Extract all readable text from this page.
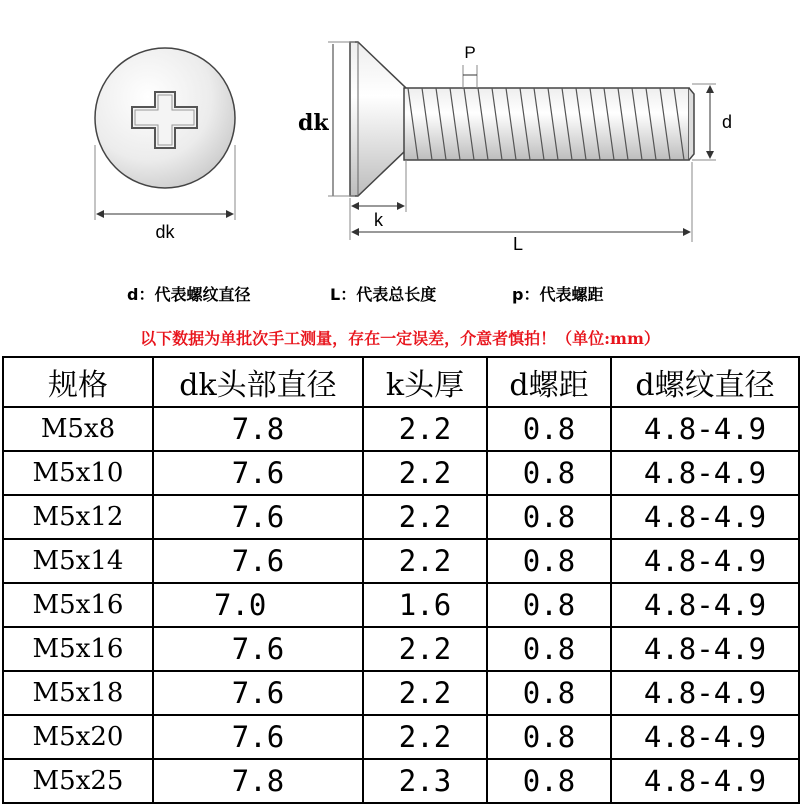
dk
dk
P
d
k
L
d：代表螺纹直径	L：代表总长度	p：代表螺距
以下数据为单批次手工测量，存在一定误差，介意者慎拍！（单位:mm）
规格	dk头部直径	k头厚	d螺距	d螺纹直径
M5x8	7.8	2.2	0.8	4.8-4.9
M5x10	7.6	2.2	0.8	4.8-4.9
M5x12	7.6	2.2	0.8	4.8-4.9
M5x14	7.6	2.2	0.8	4.8-4.9
M5x16	7.0	1.6	0.8	4.8-4.9
M5x16	7.6	2.2	0.8	4.8-4.9
M5x18	7.6	2.2	0.8	4.8-4.9
M5x20	7.6	2.2	0.8	4.8-4.9
M5x25	7.8	2.3	0.8	4.8-4.9
